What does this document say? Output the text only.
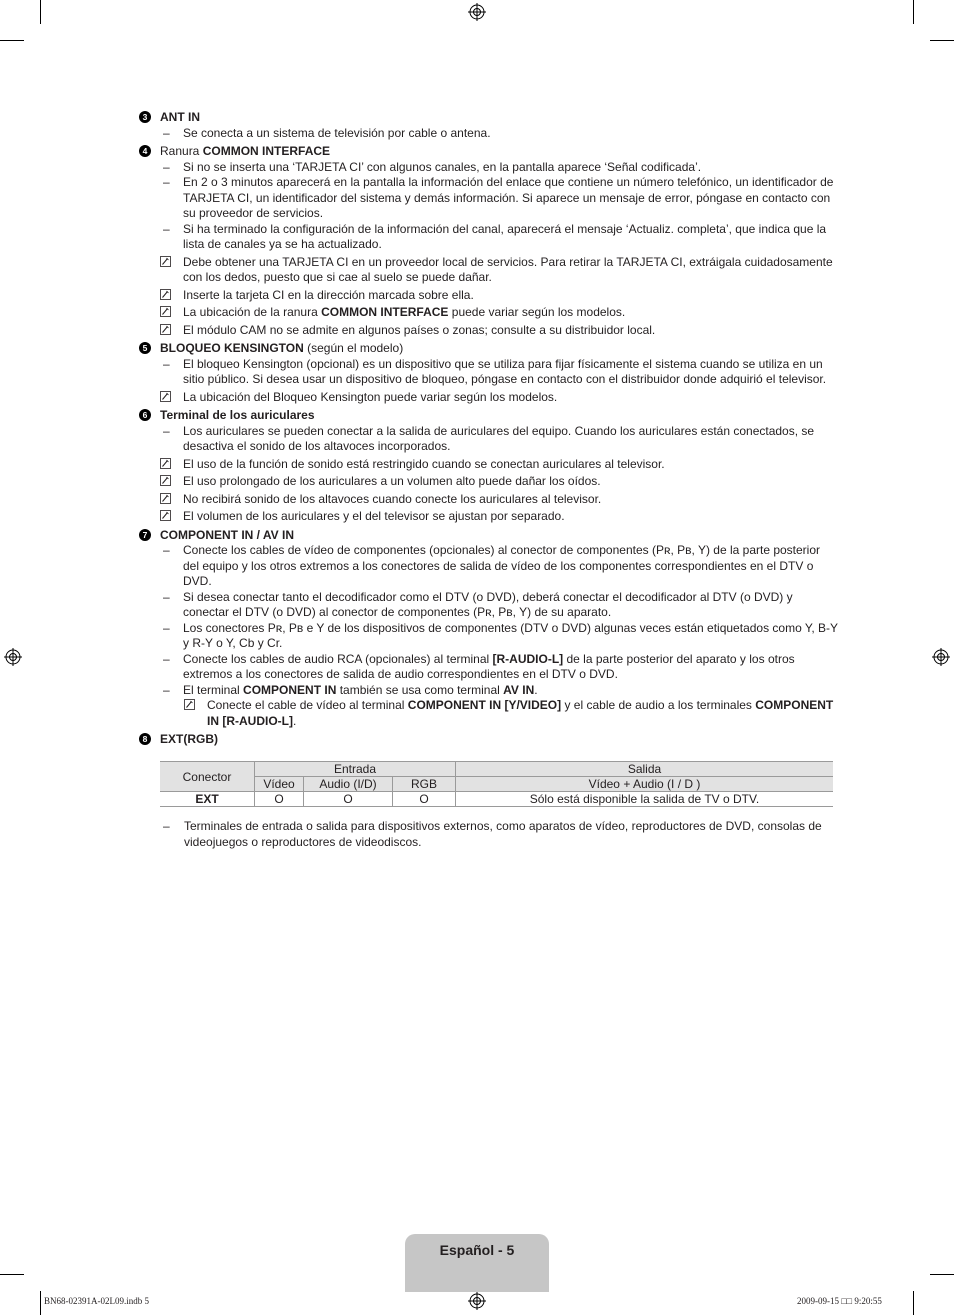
3	ANT IN
– Se conecta a un sistema de televisión por cable o antena.
4	Ranura COMMON INTERFACE
– Si no se inserta una ‘TARJETA CI’ con algunos canales, en la pantalla aparece ‘Señal codificada’.
– En 2 o 3 minutos aparecerá en la pantalla la información del enlace que contiene un número telefónico, un identificador de TARJETA CI, un identificador del sistema y demás información. Si aparece un mensaje de error, póngase en contacto con su proveedor de servicios.
– Si ha terminado la configuración de la información del canal, aparecerá el mensaje ‘Actualiz. completa’, que indica que la lista de canales ya se ha actualizado.
Debe obtener una TARJETA CI en un proveedor local de servicios. Para retirar la TARJETA CI, extráigala cuidadosamente con los dedos, puesto que si cae al suelo se puede dañar.
Inserte la tarjeta CI en la dirección marcada sobre ella.
La ubicación de la ranura COMMON INTERFACE puede variar según los modelos.
El módulo CAM no se admite en algunos países o zonas; consulte a su distribuidor local.
5	BLOQUEO KENSINGTON (según el modelo)
– El bloqueo Kensington (opcional) es un dispositivo que se utiliza para fijar físicamente el sistema cuando se utiliza en un sitio público. Si desea usar un dispositivo de bloqueo, póngase en contacto con el distribuidor donde adquirió el televisor.
La ubicación del Bloqueo Kensington puede variar según los modelos.
6	Terminal de los auriculares
– Los auriculares se pueden conectar a la salida de auriculares del equipo. Cuando los auriculares están conectados, se desactiva el sonido de los altavoces incorporados.
El uso de la función de sonido está restringido cuando se conectan auriculares al televisor.
El uso prolongado de los auriculares a un volumen alto puede dañar los oídos.
No recibirá sonido de los altavoces cuando conecte los auriculares al televisor.
El volumen de los auriculares y el del televisor se ajustan por separado.
7	COMPONENT IN / AV IN
– Conecte los cables de vídeo de componentes (opcionales) al conector de componentes (Pʀ, Pʙ, Y) de la parte posterior del equipo y los otros extremos a los conectores de salida de vídeo de los componentes correspondientes en el DTV o DVD.
– Si desea conectar tanto el decodificador como el DTV (o DVD), deberá conectar el decodificador al DTV (o DVD) y conectar el DTV (o DVD) al conector de componentes (Pʀ, Pʙ, Y) de su aparato.
– Los conectores Pʀ, Pʙ e Y de los dispositivos de componentes (DTV o DVD) algunas veces están etiquetados como Y, B-Y y R-Y o Y, Cb y Cr.
– Conecte los cables de audio RCA (opcionales) al terminal [R-AUDIO-L] de la parte posterior del aparato y los otros extremos a los conectores de salida de audio correspondientes en el DTV o DVD.
– El terminal COMPONENT IN también se usa como terminal AV IN.
Conecte el cable de vídeo al terminal COMPONENT IN [Y/VIDEO] y el cable de audio a los terminales COMPONENT IN [R-AUDIO-L].
8	EXT(RGB)
Conector	Entrada			Salida
	Vídeo	Audio (I/D)	RGB	Vídeo + Audio (I / D )
EXT	O	O	O	Sólo está disponible la salida de TV o DTV.
– Terminales de entrada o salida para dispositivos externos, como aparatos de vídeo, reproductores de DVD, consolas de videojuegos o reproductores de videodiscos.
Español - 5
BN68-02391A-02L09.indb 5	2009-09-15 □□ 9:20:55
